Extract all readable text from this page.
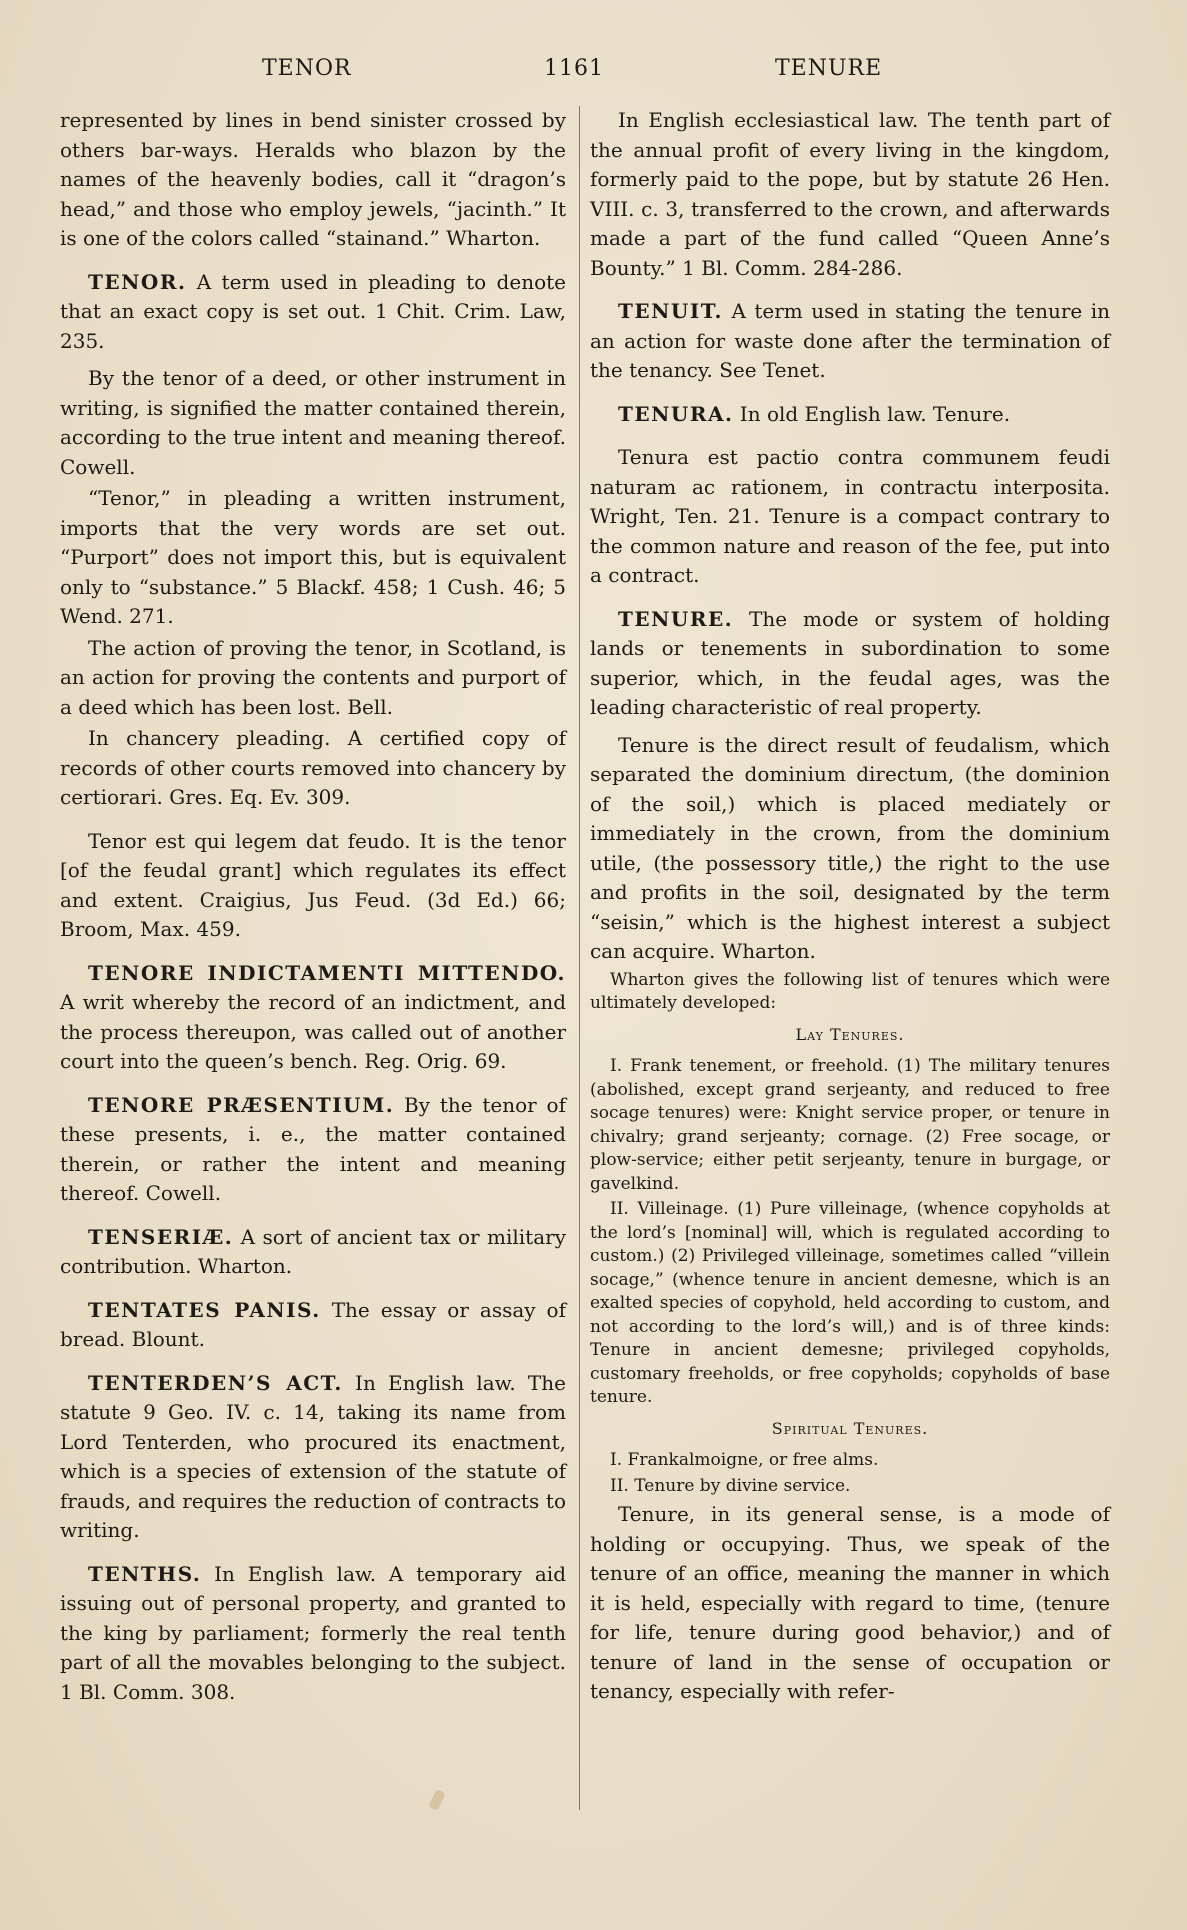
TENOR	1161	TENURE

represented by lines in bend sinister crossed by others bar-ways. Heralds who blazon by the names of the heavenly bodies, call it “dragon’s head,” and those who employ jewels, “jacinth.” It is one of the colors called “stainand.” Wharton.

TENOR. A term used in pleading to denote that an exact copy is set out. 1 Chit. Crim. Law, 235.

By the tenor of a deed, or other instrument in writing, is signified the matter contained therein, according to the true intent and meaning thereof. Cowell.

“Tenor,” in pleading a written instrument, imports that the very words are set out. “Purport” does not import this, but is equivalent only to “substance.” 5 Blackf. 458; 1 Cush. 46; 5 Wend. 271.

The action of proving the tenor, in Scotland, is an action for proving the contents and purport of a deed which has been lost. Bell.

In chancery pleading. A certified copy of records of other courts removed into chancery by certiorari. Gres. Eq. Ev. 309.

Tenor est qui legem dat feudo. It is the tenor [of the feudal grant] which regulates its effect and extent. Craigius, Jus Feud. (3d Ed.) 66; Broom, Max. 459.

TENORE INDICTAMENTI MITTENDO. A writ whereby the record of an indictment, and the process thereupon, was called out of another court into the queen’s bench. Reg. Orig. 69.

TENORE PRÆSENTIUM. By the tenor of these presents, i. e., the matter contained therein, or rather the intent and meaning thereof. Cowell.

TENSERIÆ. A sort of ancient tax or military contribution. Wharton.

TENTATES PANIS. The essay or assay of bread. Blount.

TENTERDEN’S ACT. In English law. The statute 9 Geo. IV. c. 14, taking its name from Lord Tenterden, who procured its enactment, which is a species of extension of the statute of frauds, and requires the reduction of contracts to writing.

TENTHS. In English law. A temporary aid issuing out of personal property, and granted to the king by parliament; formerly the real tenth part of all the movables belonging to the subject. 1 Bl. Comm. 308.

In English ecclesiastical law. The tenth part of the annual profit of every living in the kingdom, formerly paid to the pope, but by statute 26 Hen. VIII. c. 3, transferred to the crown, and afterwards made a part of the fund called “Queen Anne’s Bounty.” 1 Bl. Comm. 284-286.

TENUIT. A term used in stating the tenure in an action for waste done after the termination of the tenancy. See Tenet.

TENURA. In old English law. Tenure.

Tenura est pactio contra communem feudi naturam ac rationem, in contractu interposita. Wright, Ten. 21. Tenure is a compact contrary to the common nature and reason of the fee, put into a contract.

TENURE. The mode or system of holding lands or tenements in subordination to some superior, which, in the feudal ages, was the leading characteristic of real property.

Tenure is the direct result of feudalism, which separated the dominium directum, (the dominion of the soil,) which is placed mediately or immediately in the crown, from the dominium utile, (the possessory title,) the right to the use and profits in the soil, designated by the term “seisin,” which is the highest interest a subject can acquire. Wharton.

Wharton gives the following list of tenures which were ultimately developed:

Lay Tenures.

I. Frank tenement, or freehold. (1) The military tenures (abolished, except grand serjeanty, and reduced to free socage tenures) were: Knight service proper, or tenure in chivalry; grand serjeanty; cornage. (2) Free socage, or plow-service; either petit serjeanty, tenure in burgage, or gavelkind.

II. Villeinage. (1) Pure villeinage, (whence copyholds at the lord’s [nominal] will, which is regulated according to custom.) (2) Privileged villeinage, sometimes called “villein socage,” (whence tenure in ancient demesne, which is an exalted species of copyhold, held according to custom, and not according to the lord’s will,) and is of three kinds: Tenure in ancient demesne; privileged copyholds, customary freeholds, or free copyholds; copyholds of base tenure.

Spiritual Tenures.

I. Frankalmoigne, or free alms.

II. Tenure by divine service.

Tenure, in its general sense, is a mode of holding or occupying. Thus, we speak of the tenure of an office, meaning the manner in which it is held, especially with regard to time, (tenure for life, tenure during good behavior,) and of tenure of land in the sense of occupation or tenancy, especially with refer-
